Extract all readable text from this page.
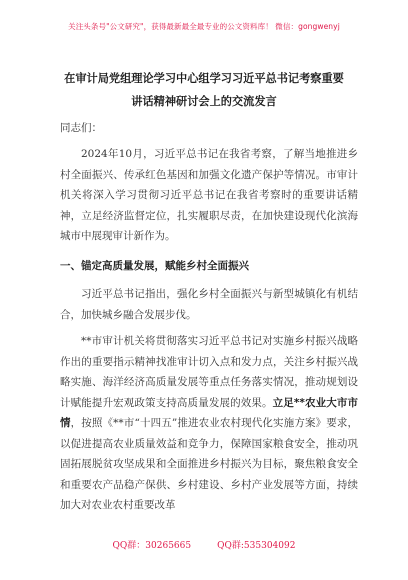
关注头条号"公文研究"，获得最新最全最专业的公文资料库！ 微信：gongwenyj
在审计局党组理论学习中心组学习习近平总书记考察重要
讲话精神研讨会上的交流发言
同志们：

2024年10月，习近平总书记在我省考察，了解当地推进乡村全面振兴、传承红色基因和加强文化遗产保护等情况。市审计机关将深入学习贯彻习近平总书记在我省考察时的重要讲话精神，立足经济监督定位，扎实履职尽责，在加快建设现代化滨海城市中展现审计新作为。

一、锚定高质量发展，赋能乡村全面振兴

习近平总书记指出，强化乡村全面振兴与新型城镇化有机结合，加快城乡融合发展步伐。

**市审计机关将贯彻落实习近平总书记对实施乡村振兴战略作出的重要指示精神找准审计切入点和发力点，关注乡村振兴战略实施、海洋经济高质量发展等重点任务落实情况，推动规划设计赋能提升宏观政策支持高质量发展的效果。立足**农业大市市情，按照《**市“十四五”推进农业农村现代化实施方案》要求，以促进提高农业质量效益和竞争力，保障国家粮食安全，推动巩固拓展脱贫攻坚成果和全面推进乡村振兴为目标，聚焦粮食安全和重要农产品稳产保供、乡村建设、乡村产业发展等方面，持续加大对农业农村重要改革

QQ群：30265665	QQ群:535304092
